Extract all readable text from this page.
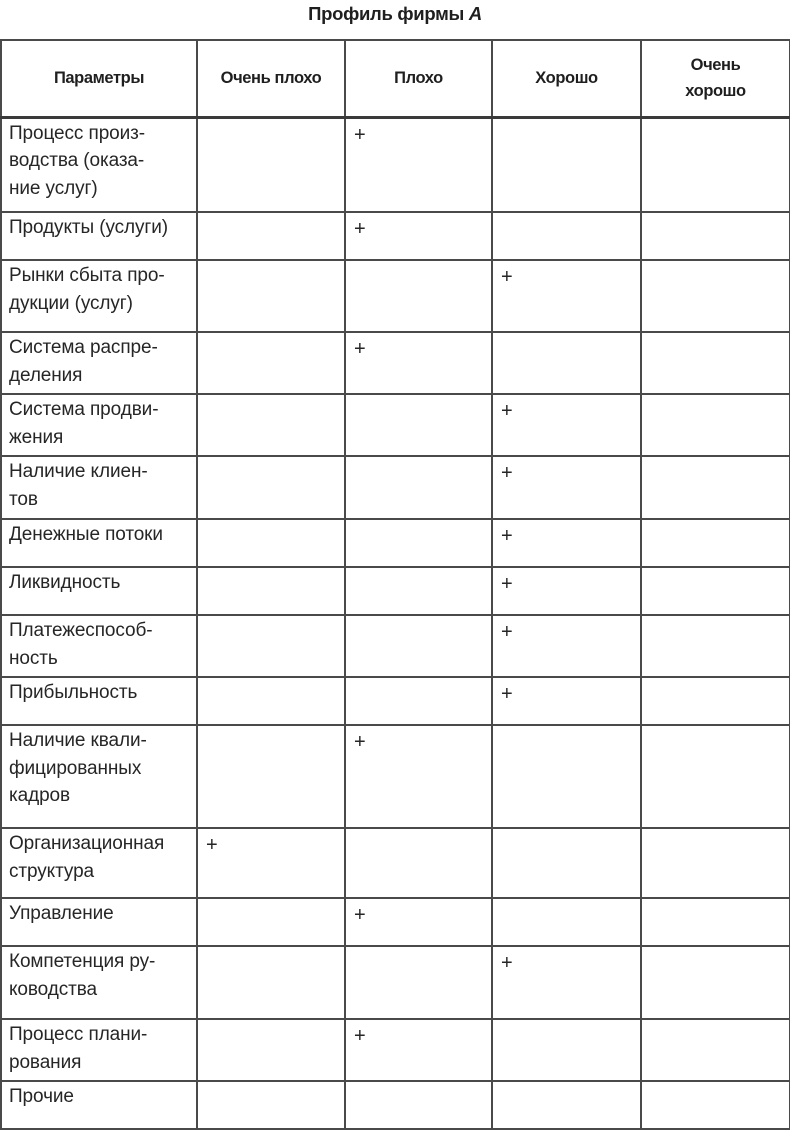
Профиль фирмы A
Параметры	Очень плохо	Плохо	Хорошо	Очень
хорошо
Процесс произ-
водства (оказа-
ние услуг)		+		
Продукты (услуги)		+		
Рынки сбыта про-
дукции (услуг)			+	
Система распре-
деления		+		
Система продви-
жения			+	
Наличие клиен-
тов			+	
Денежные потоки			+	
Ликвидность			+	
Платежеспособ-
ность			+	
Прибыльность			+	
Наличие квали-
фицированных
кадров		+		
Организационная
структура	+			
Управление		+		
Компетенция ру-
ководства			+	
Процесс плани-
рования		+		
Прочие				
